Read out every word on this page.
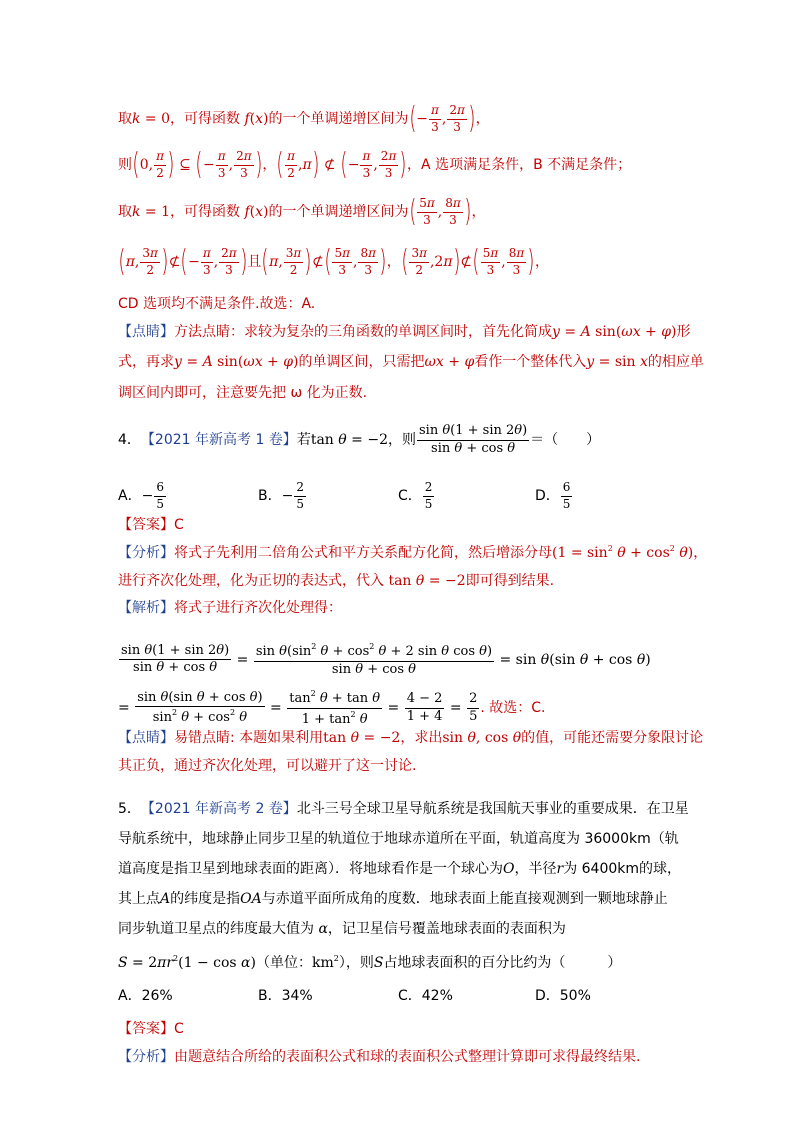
取 k = 0 ，可得函数 f ( x ) 的一个单调递增区间为 ( − $\frac{\pi}{3}$ , $\frac{2\pi}{3}$ ) ，
则 ( 0, $\frac{\pi}{2}$ ) ⊆ ( − $\frac{\pi}{3}$ , $\frac{2\pi}{3}$ ) ， ( $\frac{\pi}{2}$ , π ) ⊄ ( − $\frac{\pi}{3}$ , $\frac{2\pi}{3}$ ) ，A 选项满足条件，B 不满足条件；
取 k = 1 ，可得函数 f ( x ) 的一个单调递增区间为 ( $\frac{5\pi}{3}$ , $\frac{8\pi}{3}$ ) ，
( π , $\frac{3\pi}{2}$ ) ⊄ ( − $\frac{\pi}{3}$ , $\frac{2\pi}{3}$ ) 且 ( π , $\frac{3\pi}{2}$ ) ⊄ ( $\frac{5\pi}{3}$ , $\frac{8\pi}{3}$ ) ， ( $\frac{3\pi}{2} ,2$ π ) ⊄ ( $\frac{5\pi}{3}$ , $\frac{8\pi}{3}$ ) ，
CD 选项均不满足条件.故选：A.
【点睛】 方法点睛：求较为复杂的三角函数的单调区间时，首先化简成 y = A sin( ωx + φ ) 形
式，再求 y = A sin( ωx + φ ) 的单调区间，只需把 ωx + φ 看作一个整体代入 y = sin x 的相应单
调区间内即可，注意要先把 ω 化为正数.
4． 【2021 年新高考 1 卷】 若 tan θ = −2 ，则 $\frac{\text{sin θ(1 + sin 2θ)}}{\text{sin θ + cos θ}}$ ＝（　　）
A． − $\frac{6}{5}$	B． − $\frac{2}{5}$	C． $\frac{2}{5}$	D． $\frac{6}{5}$
【答案】 C
【分析】 将式子先利用二倍角公式和平方关系配方化简，然后增添分母 $(1 = \sin^2 \theta + \cos^2 \theta)$ ，
进行齐次化处理，化为正切的表达式，代入 tan θ = −2 即可得到结果.
【解析】 将式子进行齐次化处理得：
$\frac{\text{sin θ(1 + sin 2θ)}}{\text{sin θ + cos θ}} = \frac{\sin \theta(\sin^2 \theta + \cos^2 \theta + 2 \sin \theta \cos \theta)}{\text{sin θ + cos θ}} = \sin \theta(\sin$ θ + cos θ)
= $\frac{\text{sin θ(sin θ + cos θ)}}{\sin^2 \theta + \cos^2 \theta} = \frac{\tan^2 \theta + \tan \theta}{1 + \tan^2 \theta} = \frac{4 - 2}{1 + 4} = \frac{2}{5}$ . 故选：C.
【点睛】 易错点睛: 本题如果利用 tan θ = −2 ，求出 sin θ , cos θ 的值，可能还需要分象限讨论
其正负，通过齐次化处理，可以避开了这一讨论.
5． 【2021 年新高考 2 卷】 北斗三号全球卫星导航系统是我国航天事业的重要成果．在卫星
导航系统中，地球静止同步卫星的轨道位于地球赤道所在平面，轨道高度为 36000km（轨
道高度是指卫星到地球表面的距离）．将地球看作是一个球心为 O ，半径 r 为 6400km的球，
其上点 A 的纬度是指 OA 与赤道平面所成角的度数．地球表面上能直接观测到一颗地球静止
同步轨道卫星点的纬度最大值为 α ，记卫星信号覆盖地球表面的表面积为
S = 2 πr $^2$(1 − cos α ) （单位： $km^2$ ），则 S 占地球表面积的百分比约为（　　　）
A．26%	B．34%	C．42%	D．50%
【答案】 C
【分析】 由题意结合所给的表面积公式和球的表面积公式整理计算即可求得最终结果.
